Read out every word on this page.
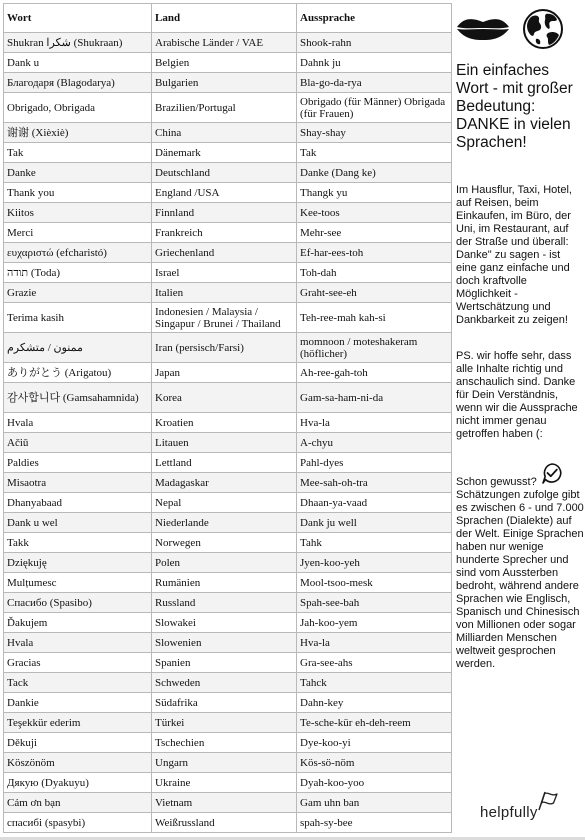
Wort	Land	Aussprache
Shukran شكرا (Shukraan)	Arabische Länder / VAE	Shook-rahn
Dank u	Belgien	Dahnk ju
Благодаря (Blagodarya)	Bulgarien	Bla-go-da-rya
Obrigado, Obrigada	Brazilien/Portugal	Obrigado (für Männer) Obrigada (für Frauen)
谢谢 (Xièxiè)	China	Shay-shay
Tak	Dänemark	Tak
Danke	Deutschland	Danke (Dang ke)
Thank you	England /USA	Thangk yu
Kiitos	Finnland	Kee-toos
Merci	Frankreich	Mehr-see
ευχαριστώ (efcharistó)	Griechenland	Ef-har-ees-toh
תודה (Toda)	Israel	Toh-dah
Grazie	Italien	Graht-see-eh
Terima kasih	Indonesien / Malaysia / Singapur / Brunei / Thailand	Teh-ree-mah kah-si
ممنون / متشکرم	Iran (persisch/Farsi)	momnoon / moteshakeram (höflicher)
ありがとう (Arigatou)	Japan	Ah-ree-gah-toh
감사합니다 (Gamsahamnida)	Korea	Gam-sa-ham-ni-da
Hvala	Kroatien	Hva-la
Ačiū	Litauen	A-chyu
Paldies	Lettland	Pahl-dyes
Misaotra	Madagaskar	Mee-sah-oh-tra
Dhanyabaad	Nepal	Dhaan-ya-vaad
Dank u wel	Niederlande	Dank ju well
Takk	Norwegen	Tahk
Dziękuję	Polen	Jyen-koo-yeh
Mulțumesc	Rumänien	Mool-tsoo-mesk
Спасибо (Spasibo)	Russland	Spah-see-bah
Ďakujem	Slowakei	Jah-koo-yem
Hvala	Slowenien	Hva-la
Gracias	Spanien	Gra-see-ahs
Tack	Schweden	Tahck
Dankie	Südafrika	Dahn-key
Teşekkür ederim	Türkei	Te-sche-kür eh-deh-reem
Děkuji	Tschechien	Dye-koo-yi
Köszönöm	Ungarn	Kös-sö-nöm
Дякую (Dyakuyu)	Ukraine	Dyah-koo-yoo
Cảm ơn bạn	Vietnam	Gam uhn ban
спасибі (spasybi)	Weißrussland	spah-sy-bee
Ein einfaches Wort - mit großer Bedeutung: DANKE in vielen Sprachen!
Im Hausflur, Taxi, Hotel, auf Reisen, beim Einkaufen, im Büro, der Uni, im Restaurant, auf der Straße und überall: Danke" zu sagen - ist eine ganz einfache und doch kraftvolle Möglichkeit - Wertschätzung und Dankbarkeit zu zeigen!
PS. wir hoffe sehr, dass alle Inhalte richtig und anschaulich sind. Danke für Dein Verständnis, wenn wir die Aussprache nicht immer genau getroffen haben (:
Schon gewusst? Schätzungen zufolge gibt es zwischen 6 - und 7.000 Sprachen (Dialekte) auf der Welt. Einige Sprachen haben nur wenige hunderte Sprecher und sind vom Aussterben bedroht, während andere Sprachen wie Englisch, Spanisch und Chinesisch von Millionen oder sogar Milliarden Menschen weltweit gesprochen werden.
helpfully
